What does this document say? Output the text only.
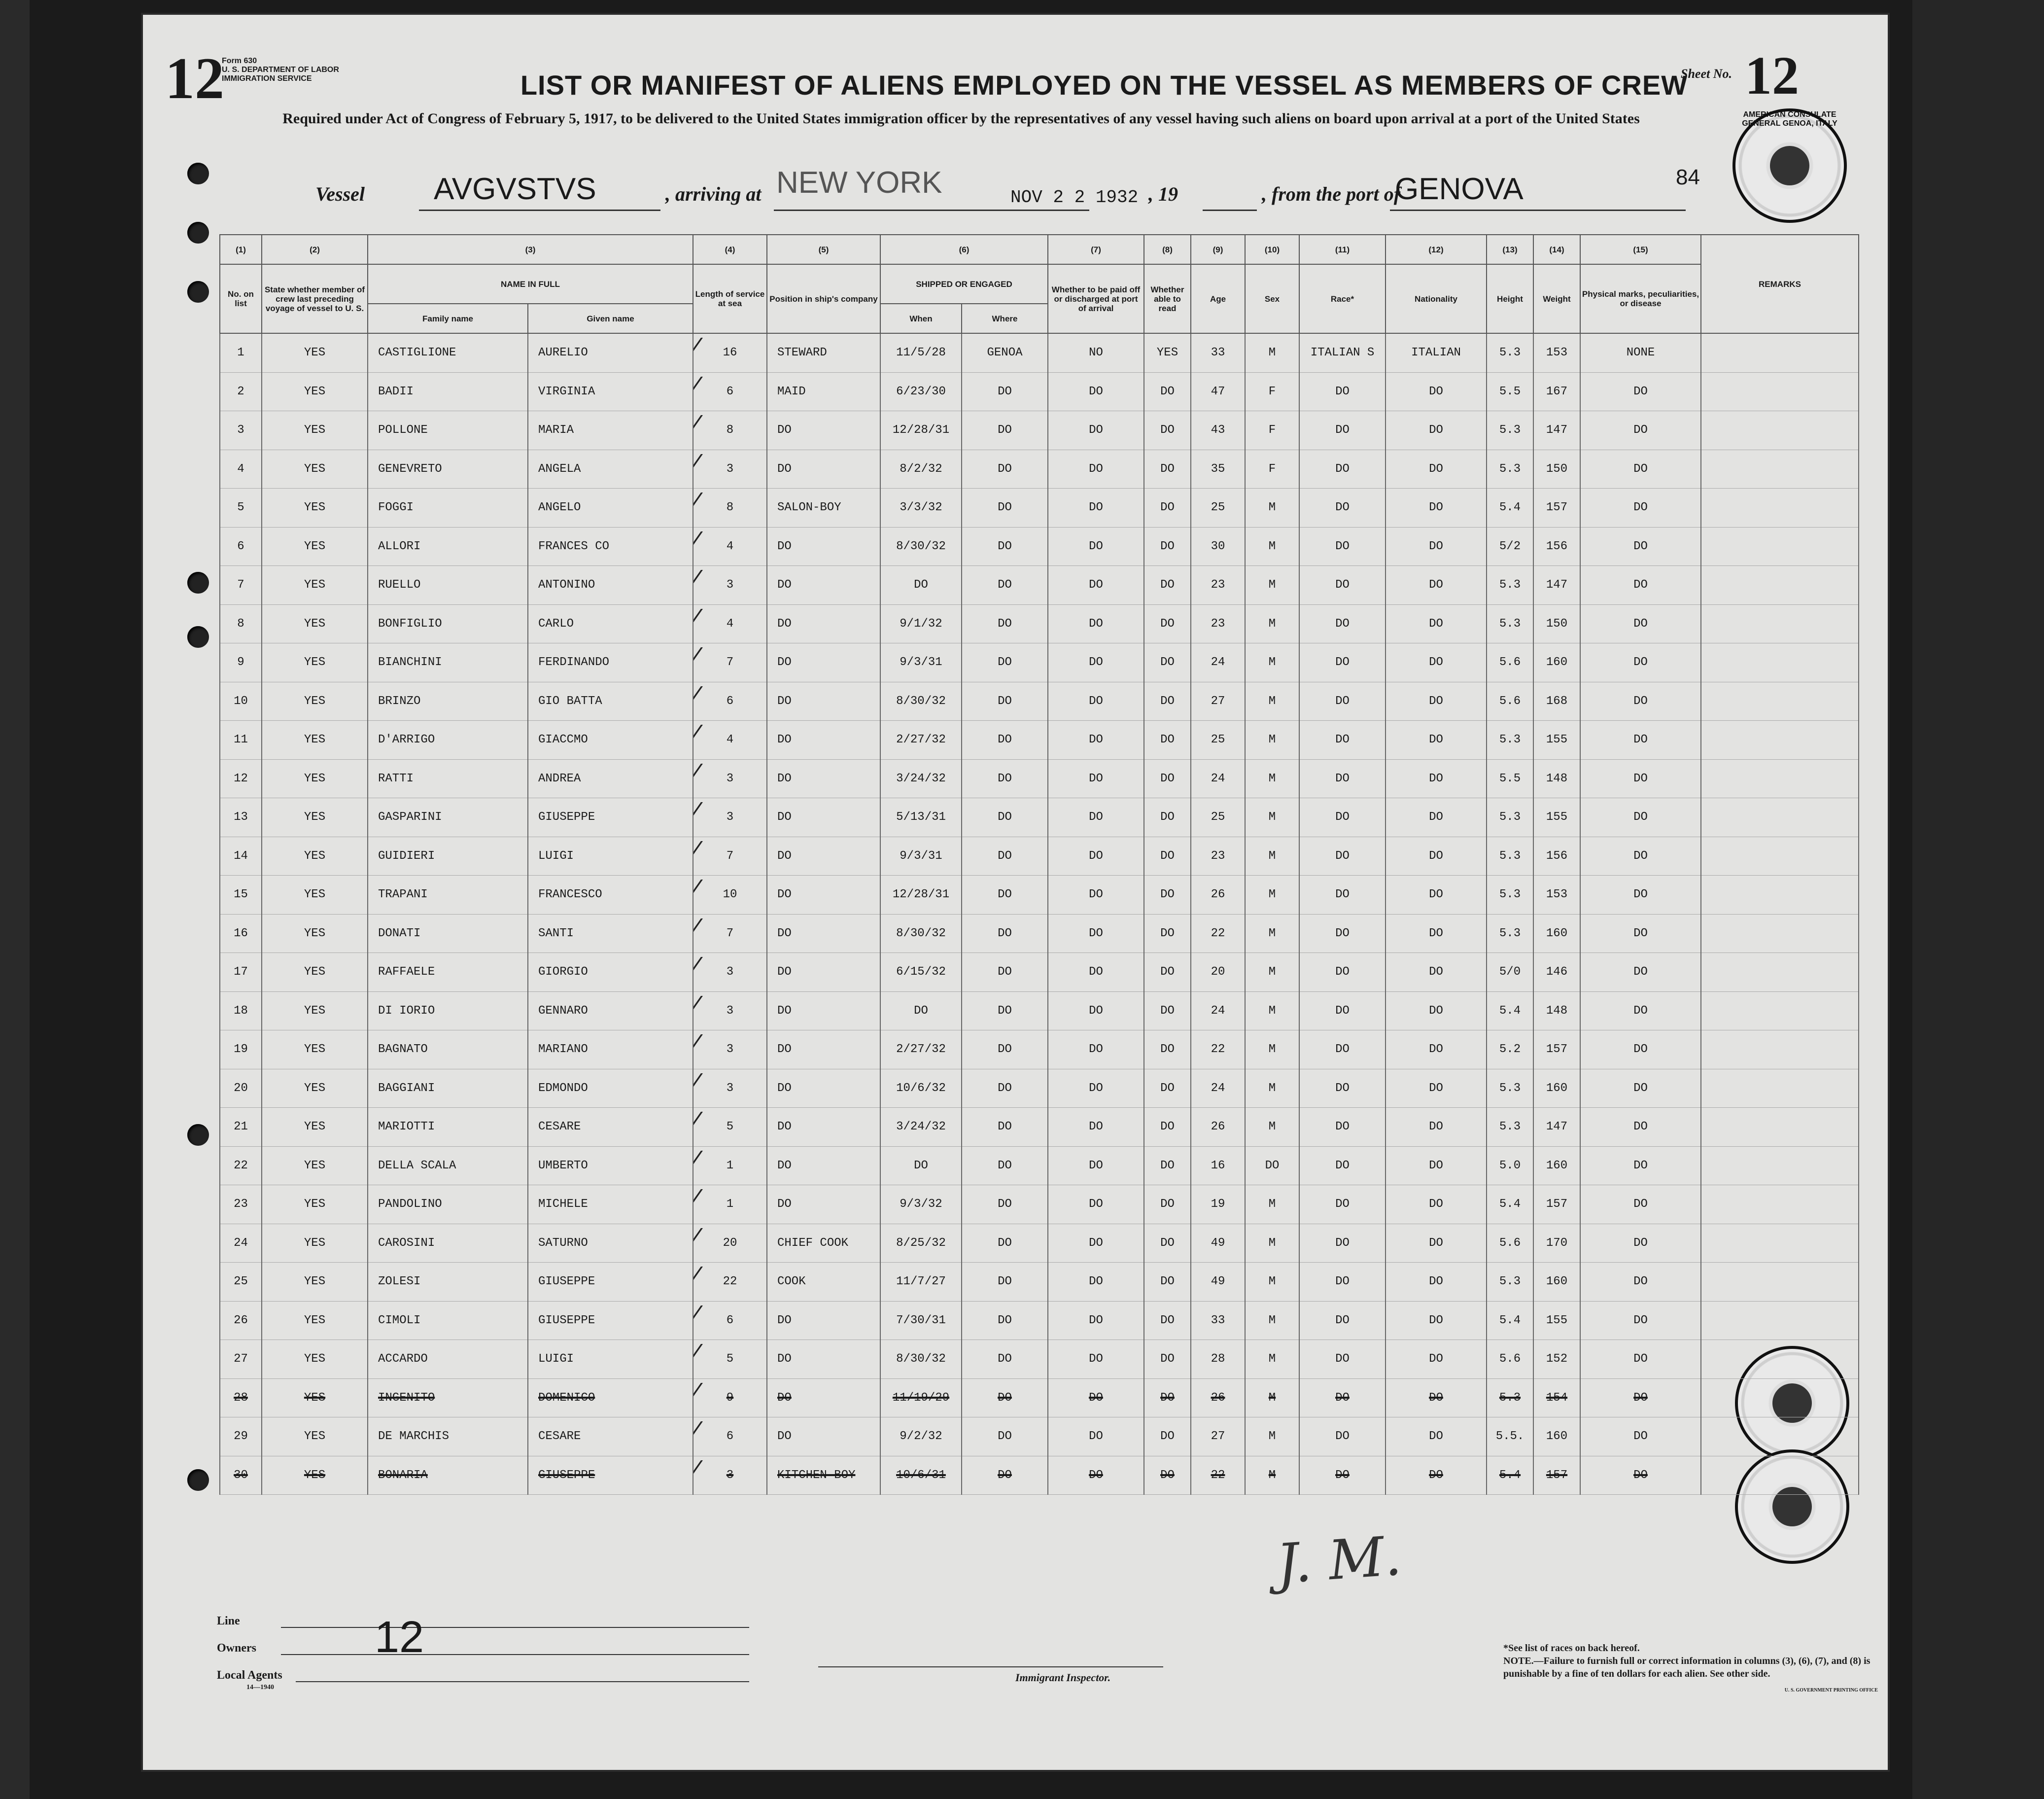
12
Form 630
U. S. DEPARTMENT OF LABOR
IMMIGRATION SERVICE	LIST OR MANIFEST OF ALIENS EMPLOYED ON THE VESSEL AS MEMBERS OF CREW
Required under Act of Congress of February 5, 1917, to be delivered to the United States immigration officer by the representatives of any vessel having such aliens on board upon arrival at a port of the United States
Sheet No. 12
84
Vessel AVGVSTVS	, arriving at NEW YORK	NOV 2 2 1932 , 19	, from the port of
GENOVA
AMERICAN CONSULATE GENERAL GENOA, ITALY
(1)	(2)	(3)		(4)	(5)	(6)		(7)	(8)	(9)	(10)	(11)	(12)	(13)	(14)	(15)	REMARKS
No. on list	State whether member of crew last preceding voyage of vessel to U. S.	NAME IN FULL		Length of service at sea	Position in ship's company	SHIPPED OR ENGAGED		Whether to be paid off or discharged at port of arrival	Whether able to read	Age	Sex	Race*	Nationality	Height	Weight	Physical marks, peculiarities, or disease	
		Family name	Given name			When	Where										
1	YES	CASTIGLIONE	AURELIO	16	STEWARD	11/5/28	GENOA	NO	YES	33	M	ITALIAN S	ITALIAN	5.3	153	NONE	
2	YES	BADII	VIRGINIA	6	MAID	6/23/30	DO	DO	DO	47	F	DO	DO	5.5	167	DO	
3	YES	POLLONE	MARIA	8	DO	12/28/31	DO	DO	DO	43	F	DO	DO	5.3	147	DO	
4	YES	GENEVRETO	ANGELA	3	DO	8/2/32	DO	DO	DO	35	F	DO	DO	5.3	150	DO	
5	YES	FOGGI	ANGELO	8	SALON-BOY	3/3/32	DO	DO	DO	25	M	DO	DO	5.4	157	DO	
6	YES	ALLORI	FRANCES CO	4	DO	8/30/32	DO	DO	DO	30	M	DO	DO	5/2	156	DO	
7	YES	RUELLO	ANTONINO	3	DO	DO	DO	DO	DO	23	M	DO	DO	5.3	147	DO	
8	YES	BONFIGLIO	CARLO	4	DO	9/1/32	DO	DO	DO	23	M	DO	DO	5.3	150	DO	
9	YES	BIANCHINI	FERDINANDO	7	DO	9/3/31	DO	DO	DO	24	M	DO	DO	5.6	160	DO	
10	YES	BRINZO	GIO BATTA	6	DO	8/30/32	DO	DO	DO	27	M	DO	DO	5.6	168	DO	
11	YES	D'ARRIGO	GIACCMO	4	DO	2/27/32	DO	DO	DO	25	M	DO	DO	5.3	155	DO	
12	YES	RATTI	ANDREA	3	DO	3/24/32	DO	DO	DO	24	M	DO	DO	5.5	148	DO	
13	YES	GASPARINI	GIUSEPPE	3	DO	5/13/31	DO	DO	DO	25	M	DO	DO	5.3	155	DO	
14	YES	GUIDIERI	LUIGI	7	DO	9/3/31	DO	DO	DO	23	M	DO	DO	5.3	156	DO	
15	YES	TRAPANI	FRANCESCO	10	DO	12/28/31	DO	DO	DO	26	M	DO	DO	5.3	153	DO	
16	YES	DONATI	SANTI	7	DO	8/30/32	DO	DO	DO	22	M	DO	DO	5.3	160	DO	
17	YES	RAFFAELE	GIORGIO	3	DO	6/15/32	DO	DO	DO	20	M	DO	DO	5/0	146	DO	
18	YES	DI IORIO	GENNARO	3	DO	DO	DO	DO	DO	24	M	DO	DO	5.4	148	DO	
19	YES	BAGNATO	MARIANO	3	DO	2/27/32	DO	DO	DO	22	M	DO	DO	5.2	157	DO	
20	YES	BAGGIANI	EDMONDO	3	DO	10/6/32	DO	DO	DO	24	M	DO	DO	5.3	160	DO	
21	YES	MARIOTTI	CESARE	5	DO	3/24/32	DO	DO	DO	26	M	DO	DO	5.3	147	DO	
22	YES	DELLA SCALA	UMBERTO	1	DO	DO	DO	DO	DO	16	DO	DO	DO	5.0	160	DO	
23	YES	PANDOLINO	MICHELE	1	DO	9/3/32	DO	DO	DO	19	M	DO	DO	5.4	157	DO	
24	YES	CAROSINI	SATURNO	20	CHIEF COOK	8/25/32	DO	DO	DO	49	M	DO	DO	5.6	170	DO	
25	YES	ZOLESI	GIUSEPPE	22	COOK	11/7/27	DO	DO	DO	49	M	DO	DO	5.3	160	DO	
26	YES	CIMOLI	GIUSEPPE	6	DO	7/30/31	DO	DO	DO	33	M	DO	DO	5.4	155	DO	
27	YES	ACCARDO	LUIGI	5	DO	8/30/32	DO	DO	DO	28	M	DO	DO	5.6	152	DO	
28	YES	INGENITO	DOMENICO	9	DO	11/19/29	DO	DO	DO	26	M	DO	DO	5.3	154	DO	
29	YES	DE MARCHIS	CESARE	6	DO	9/2/32	DO	DO	DO	27	M	DO	DO	5.5.	160	DO	
30	YES	BONARIA	GIUSEPPE	3	KITCHEN BOY	10/6/31	DO	DO	DO	22	M	DO	DO	5.4	157	DO	
J. M.
Line
Owners	12
Local Agents
14—1940
Immigrant Inspector.
*See list of races on back hereof.
NOTE.—Failure to furnish full or correct information in columns (3), (6), (7), and (8) is punishable by a fine of ten dollars for each alien. See other side.
U. S. GOVERNMENT PRINTING OFFICE
